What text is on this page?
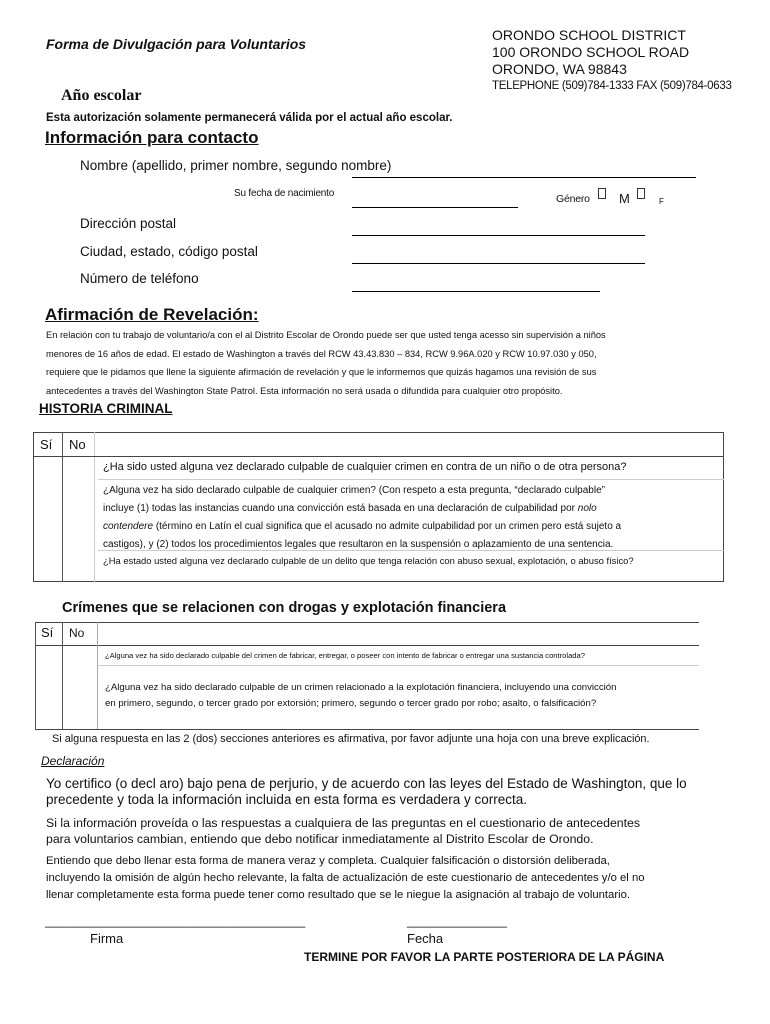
Forma de Divulgación para Voluntarios
ORONDO SCHOOL DISTRICT
100 ORONDO SCHOOL ROAD
ORONDO, WA 98843
TELEPHONE (509)784-1333 FAX (509)784-0633
Año escolar
Esta autorización solamente permanecerá válida por el actual año escolar.
Información para contacto
Nombre (apellido, primer nombre, segundo nombre)
Su fecha de nacimiento	Género M	F
Dirección postal
Ciudad, estado, código postal
Número de teléfono
Afirmación de Revelación:
En relación con tu trabajo de voluntario/a con el al Distrito Escolar de Orondo puede ser que usted tenga acesso sin supervisión a niños
menores de 16 años de edad. El estado de Washington a través del RCW 43.43.830 – 834, RCW 9.96A.020 y RCW 10.97.030 y 050,
requiere que le pidamos que llene la siguiente afirmación de revelación y que le informemos que quizás hagamos una revisión de sus
antecedentes a través del Washington State Patrol. Esta información no será usada o difundida para cualquier otro propósito.
HISTORIA CRIMINAL
Sí No
¿Ha sido usted alguna vez declarado culpable de cualquier crimen en contra de un niño o de otra persona?
¿Alguna vez ha sido declarado culpable de cualquier crimen? (Con respeto a esta pregunta, “declarado culpable”
incluye (1) todas las instancias cuando una convicción está basada en una declaración de culpabilidad por nolo
contendere (término en Latín el cual significa que el acusado no admite culpabilidad por un crimen pero está sujeto a
castigos), y (2) todos los procedimientos legales que resultaron en la suspensión o aplazamiento de una sentencia.
¿Ha estado usted alguna vez declarado culpable de un delito que tenga relación con abuso sexual, explotación, o abuso físico?
Crímenes que se relacionen con drogas y explotación financiera
Sí No
¿Alguna vez ha sido declarado culpable del crimen de fabricar, entregar, o poseer con intento de fabricar o entregar una sustancia controlada?
¿Alguna vez ha sido declarado culpable de un crimen relacionado a la explotación financiera, incluyendo una convicción
en primero, segundo, o tercer grado por extorsión; primero, segundo o tercer grado por robo; asalto, o falsificación?
Si alguna respuesta en las 2 (dos) secciones anteriores es afirmativa, por favor adjunte una hoja con una breve explicación.
Declaración
Yo certifico (o decl aro) bajo pena de perjurio, y de acuerdo con las leyes del Estado de Washington, que lo
precedente y toda la información incluida en esta forma es verdadera y correcta.
Si la información proveída o las respuestas a cualquiera de las preguntas en el cuestionario de antecedentes
para voluntarios cambian, entiendo que debo notificar inmediatamente al Distrito Escolar de Orondo.
Entiendo que debo llenar esta forma de manera veraz y completa. Cualquier falsificación o distorsión deliberada,
incluyendo la omisión de algún hecho relevante, la falta de actualización de este cuestionario de antecedentes y/o el no
llenar completamente esta forma puede tener como resultado que se le niegue la asignación al trabajo de voluntario.
_______________________________________	_______________
Firma	Fecha
TERMINE POR FAVOR LA PARTE POSTERIORA DE LA PÁGINA
